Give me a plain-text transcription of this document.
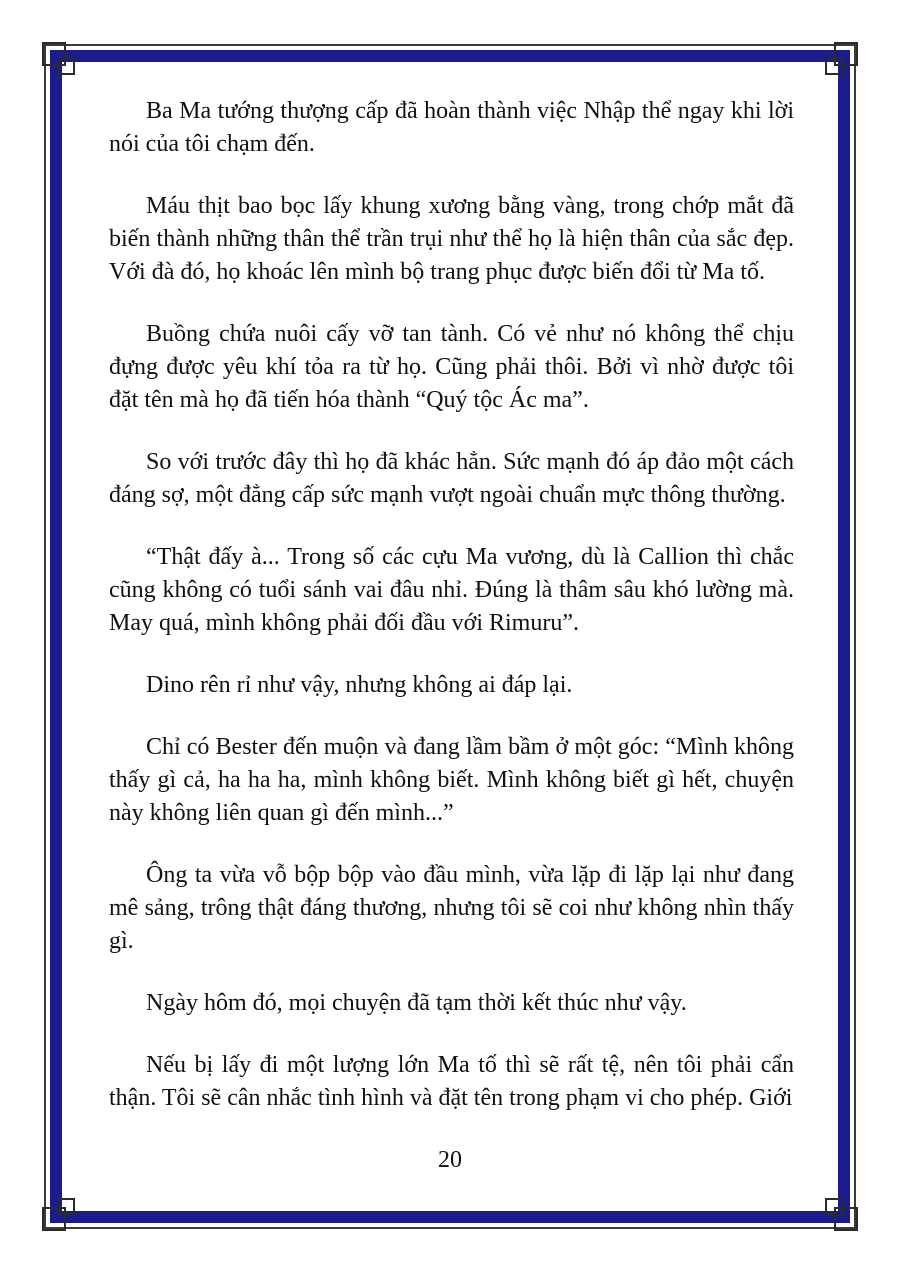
Ba Ma tướng thượng cấp đã hoàn thành việc Nhập thể ngay khi lời nói của tôi chạm đến.

Máu thịt bao bọc lấy khung xương bằng vàng, trong chớp mắt đã biến thành những thân thể trần trụi như thể họ là hiện thân của sắc đẹp. Với đà đó, họ khoác lên mình bộ trang phục được biến đổi từ Ma tố.

Buồng chứa nuôi cấy vỡ tan tành. Có vẻ như nó không thể chịu đựng được yêu khí tỏa ra từ họ. Cũng phải thôi. Bởi vì nhờ được tôi đặt tên mà họ đã tiến hóa thành “Quý tộc Ác ma”.

So với trước đây thì họ đã khác hẳn. Sức mạnh đó áp đảo một cách đáng sợ, một đẳng cấp sức mạnh vượt ngoài chuẩn mực thông thường.

“Thật đấy à... Trong số các cựu Ma vương, dù là Callion thì chắc cũng không có tuổi sánh vai đâu nhỉ. Đúng là thâm sâu khó lường mà. May quá, mình không phải đối đầu với Rimuru”.

Dino rên rỉ như vậy, nhưng không ai đáp lại.

Chỉ có Bester đến muộn và đang lầm bầm ở một góc: “Mình không thấy gì cả, ha ha ha, mình không biết. Mình không biết gì hết, chuyện này không liên quan gì đến mình...”

Ông ta vừa vỗ bộp bộp vào đầu mình, vừa lặp đi lặp lại như đang mê sảng, trông thật đáng thương, nhưng tôi sẽ coi như không nhìn thấy gì.

Ngày hôm đó, mọi chuyện đã tạm thời kết thúc như vậy.

Nếu bị lấy đi một lượng lớn Ma tố thì sẽ rất tệ, nên tôi phải cẩn thận. Tôi sẽ cân nhắc tình hình và đặt tên trong phạm vi cho phép. Giới

20
